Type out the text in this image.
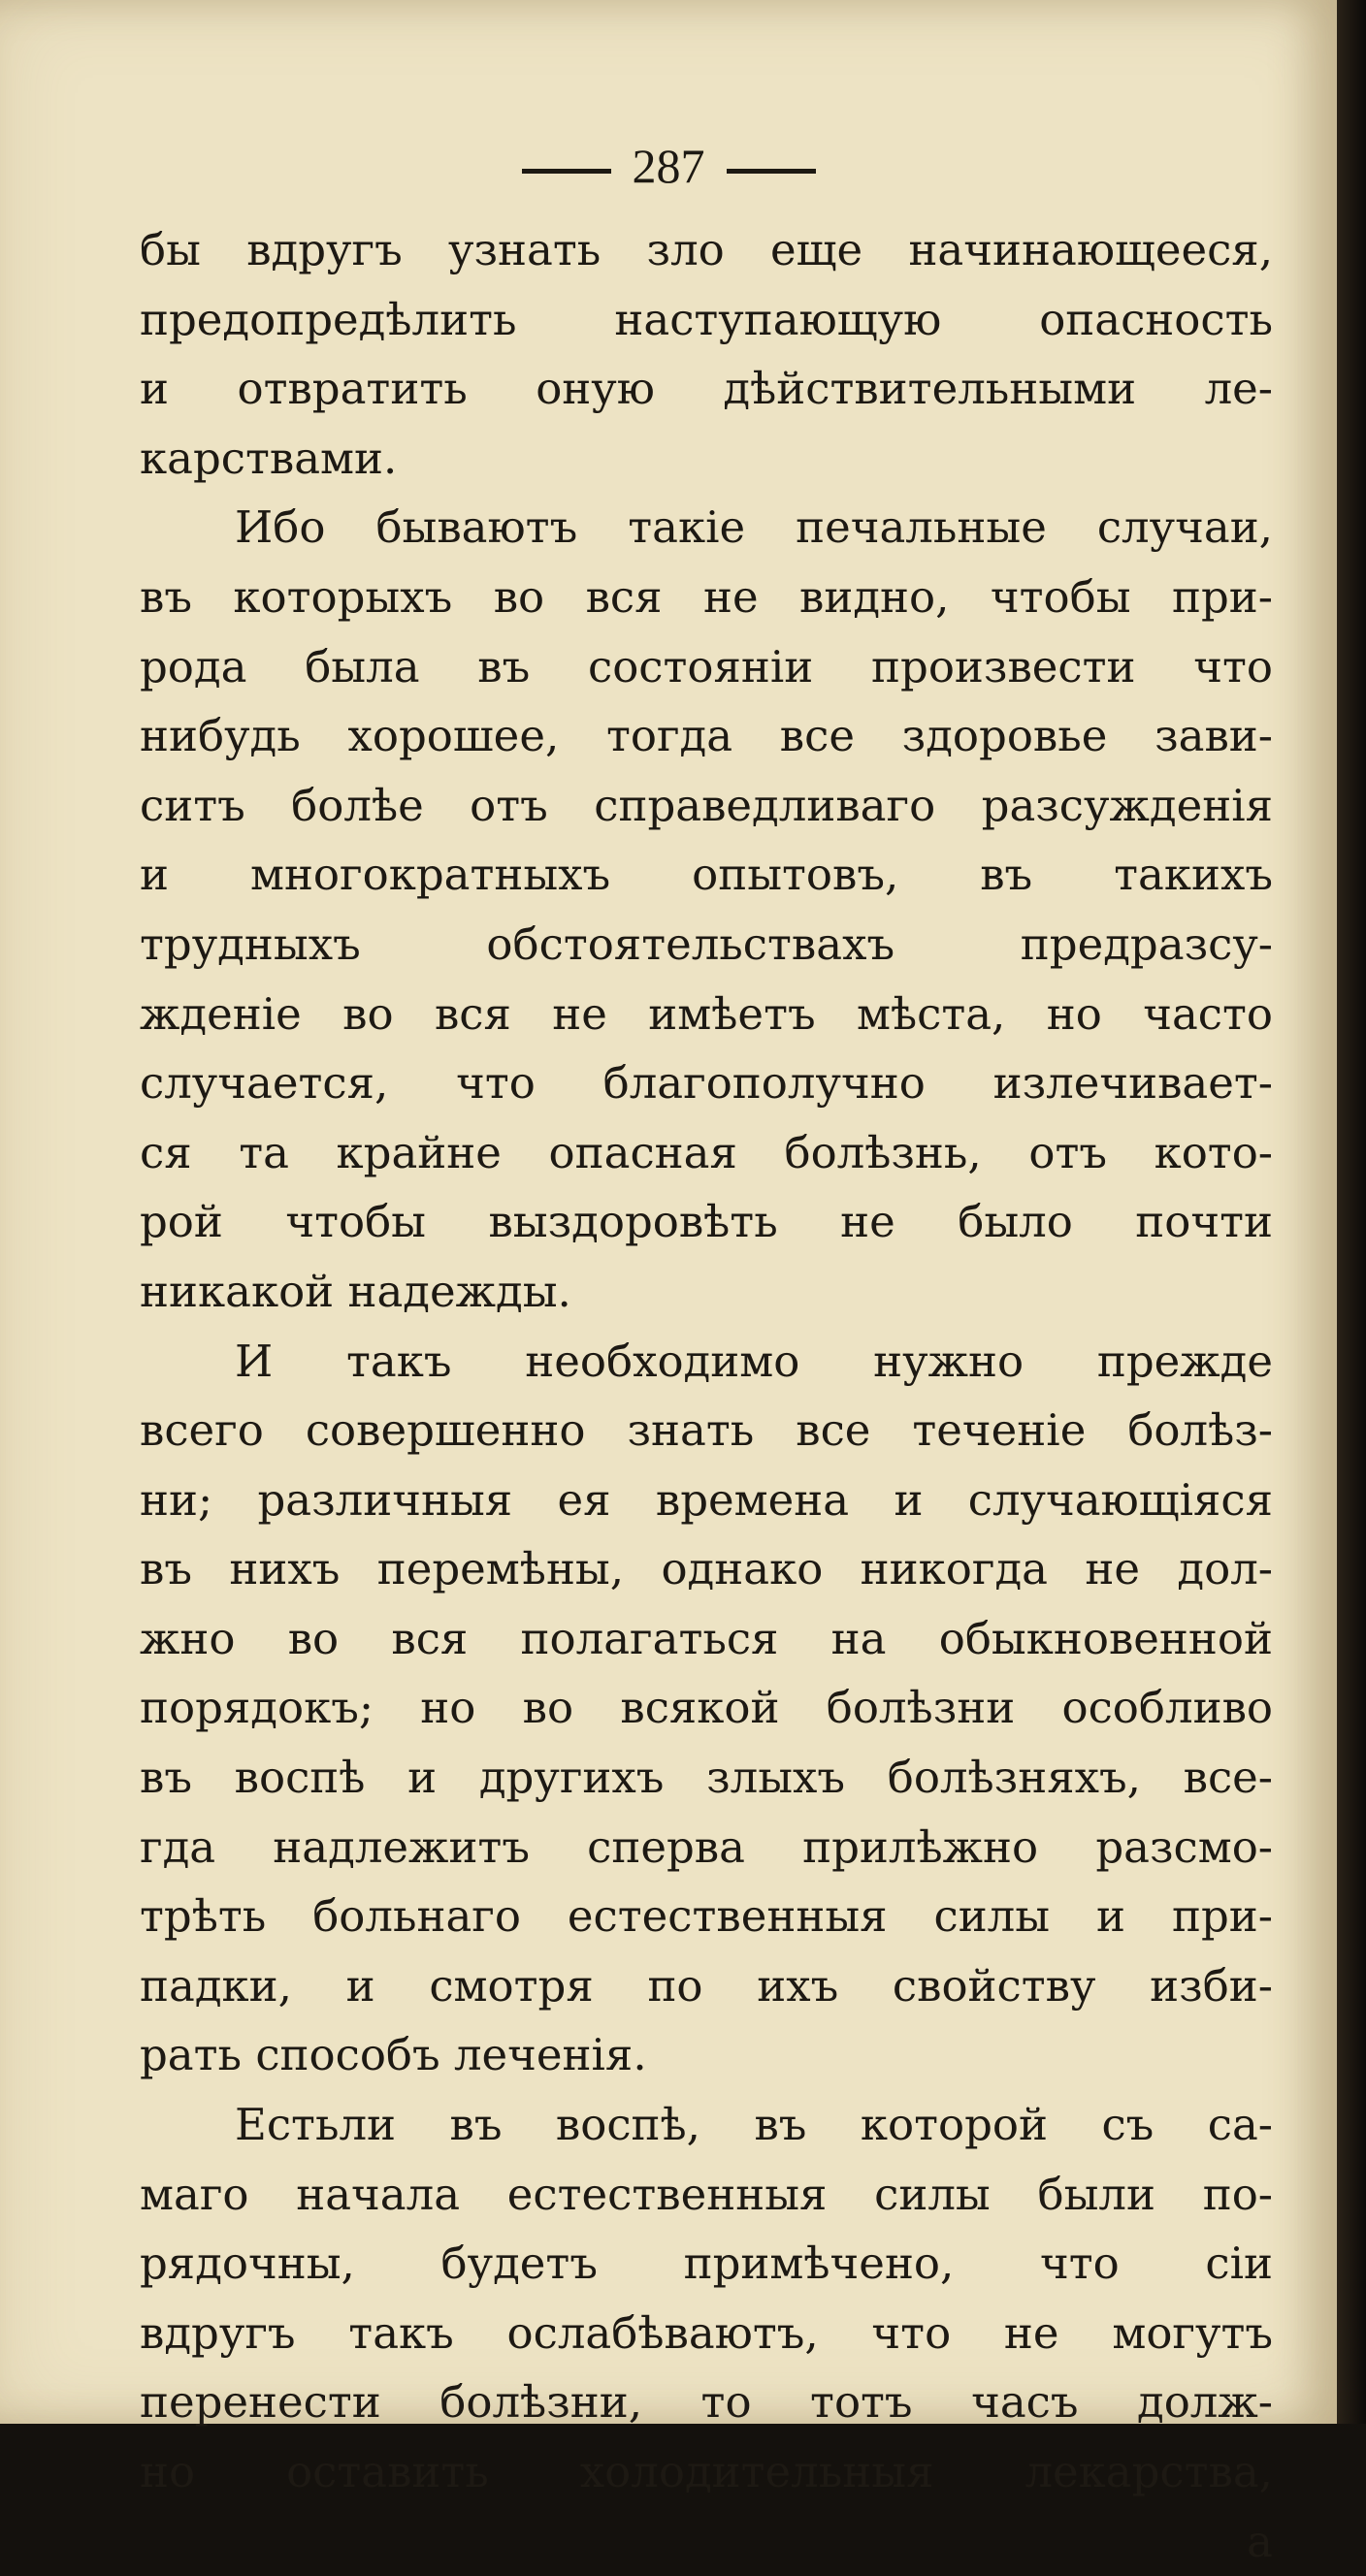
287
бы вдругъ узнать зло еще начинающееся,
предопредѣлить наступающую опасность
и отвратить оную дѣйствительными ле-
карствами.
Ибо бываютъ такіе печальные случаи,
въ которыхъ во вся не видно, чтобы при-
рода была въ состояніи произвести что
нибудь хорошее, тогда все здоровье зави-
ситъ болѣе отъ справедливаго разсужденія
и многократныхъ опытовъ, въ такихъ
трудныхъ обстоятельствахъ предразсу-
жденіе во вся не имѣетъ мѣста, но часто
случается, что благополучно излечивает-
ся та крайне опасная болѣзнь, отъ кото-
рой чтобы выздоровѣть не было почти
никакой надежды.
И такъ необходимо нужно прежде
всего совершенно знать все теченіе болѣз-
ни; различныя ея времена и случающіяся
въ нихъ перемѣны, однако никогда не дол-
жно во вся полагаться на обыкновенной
порядокъ; но во всякой болѣзни особливо
въ воспѣ и другихъ злыхъ болѣзняхъ, все-
гда надлежитъ сперва прилѣжно разсмо-
трѣть больнаго естественныя силы и при-
падки, и смотря по ихъ свойству изби-
рать способъ леченія.
Естьли въ воспѣ, въ которой съ са-
маго начала естественныя силы были по-
рядочны, будетъ примѣчено, что сіи
вдругъ такъ ослабѣваютъ, что не могутъ
перенести болѣзни, то тотъ часъ долж-
но оставить холодительныя лекарства,
а
